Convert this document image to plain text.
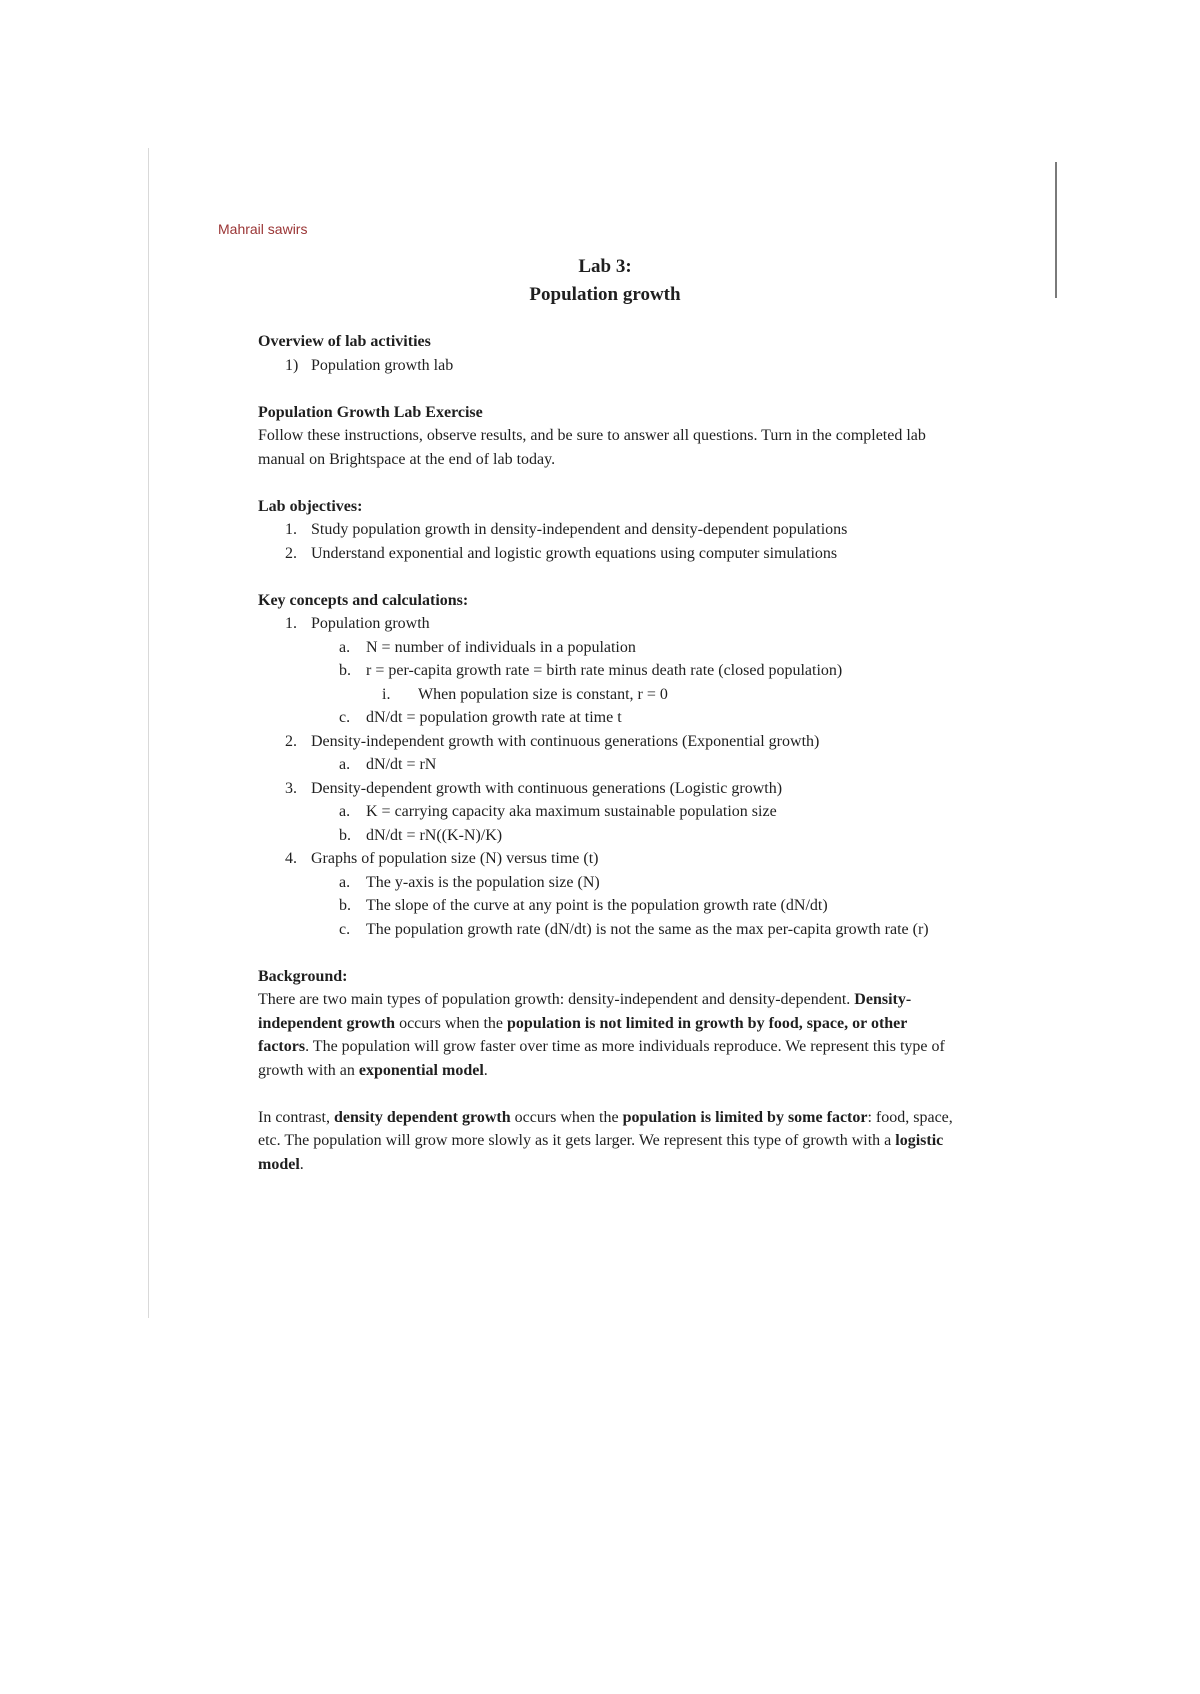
Mahrail sawirs
Lab 3:
Population growth
Overview of lab activities
1) Population growth lab
Population Growth Lab Exercise

Follow these instructions, observe results, and be sure to answer all questions. Turn in the completed lab manual on Brightspace at the end of lab today.

Lab objectives:
1. Study population growth in density-independent and density-dependent populations
2. Understand exponential and logistic growth equations using computer simulations
Key concepts and calculations:
1. Population growth
a. N = number of individuals in a population
b. r = per-capita growth rate = birth rate minus death rate (closed population)
i. When population size is constant, r = 0
c. dN/dt = population growth rate at time t
2. Density-independent growth with continuous generations (Exponential growth)
a. dN/dt = rN
3. Density-dependent growth with continuous generations (Logistic growth)
a. K = carrying capacity aka maximum sustainable population size
b. dN/dt = rN((K-N)/K)
4. Graphs of population size (N) versus time (t)
a. The y-axis is the population size (N)
b. The slope of the curve at any point is the population growth rate (dN/dt)
c. The population growth rate (dN/dt) is not the same as the max per-capita growth rate (r)
Background:

There are two main types of population growth: density-independent and density-dependent. Density-independent growth occurs when the population is not limited in growth by food, space, or other factors. The population will grow faster over time as more individuals reproduce. We represent this type of growth with an exponential model.

In contrast, density dependent growth occurs when the population is limited by some factor: food, space, etc. The population will grow more slowly as it gets larger. We represent this type of growth with a logistic model.
